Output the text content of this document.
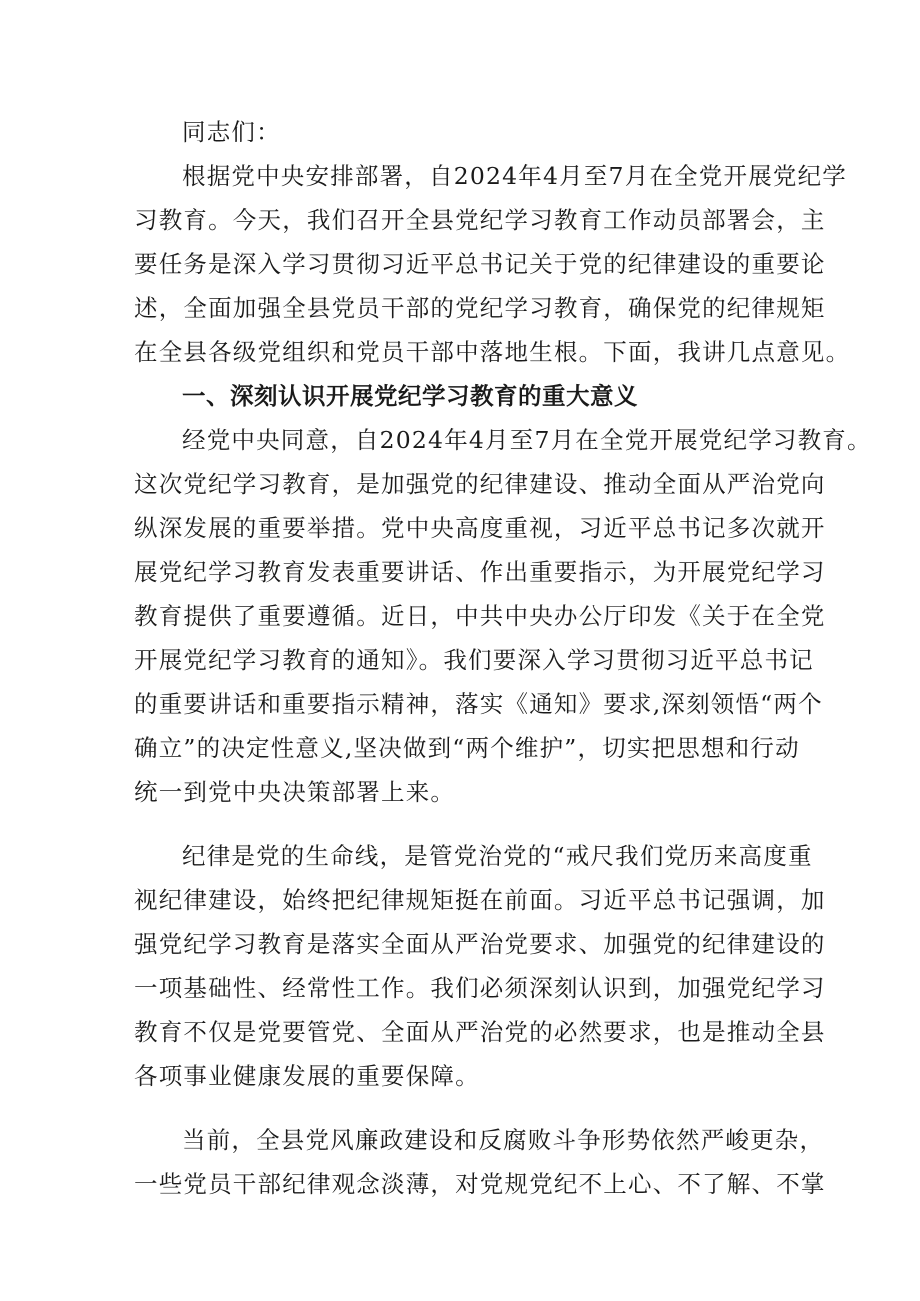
同志们：
根据党中央安排部署，自2024年4月至7月在全党开展党纪学
习教育。今天，我们召开全县党纪学习教育工作动员部署会，主
要任务是深入学习贯彻习近平总书记关于党的纪律建设的重要论
述，全面加强全县党员干部的党纪学习教育，确保党的纪律规矩
在全县各级党组织和党员干部中落地生根。下面，我讲几点意见。
一、深刻认识开展党纪学习教育的重大意义
经党中央同意，自2024年4月至7月在全党开展党纪学习教育。
这次党纪学习教育，是加强党的纪律建设、推动全面从严治党向
纵深发展的重要举措。党中央高度重视，习近平总书记多次就开
展党纪学习教育发表重要讲话、作出重要指示，为开展党纪学习
教育提供了重要遵循。近日，中共中央办公厅印发《关于在全党
开展党纪学习教育的通知》。我们要深入学习贯彻习近平总书记
的重要讲话和重要指示精神，落实《通知》要求,深刻领悟“两个
确立”的决定性意义,坚决做到“两个维护”，切实把思想和行动
统一到党中央决策部署上来。
纪律是党的生命线，是管党治党的“戒尺我们党历来高度重
视纪律建设，始终把纪律规矩挺在前面。习近平总书记强调，加
强党纪学习教育是落实全面从严治党要求、加强党的纪律建设的
一项基础性、经常性工作。我们必须深刻认识到，加强党纪学习
教育不仅是党要管党、全面从严治党的必然要求，也是推动全县
各项事业健康发展的重要保障。
当前，全县党风廉政建设和反腐败斗争形势依然严峻更杂，
一些党员干部纪律观念淡薄，对党规党纪不上心、不了解、不掌
